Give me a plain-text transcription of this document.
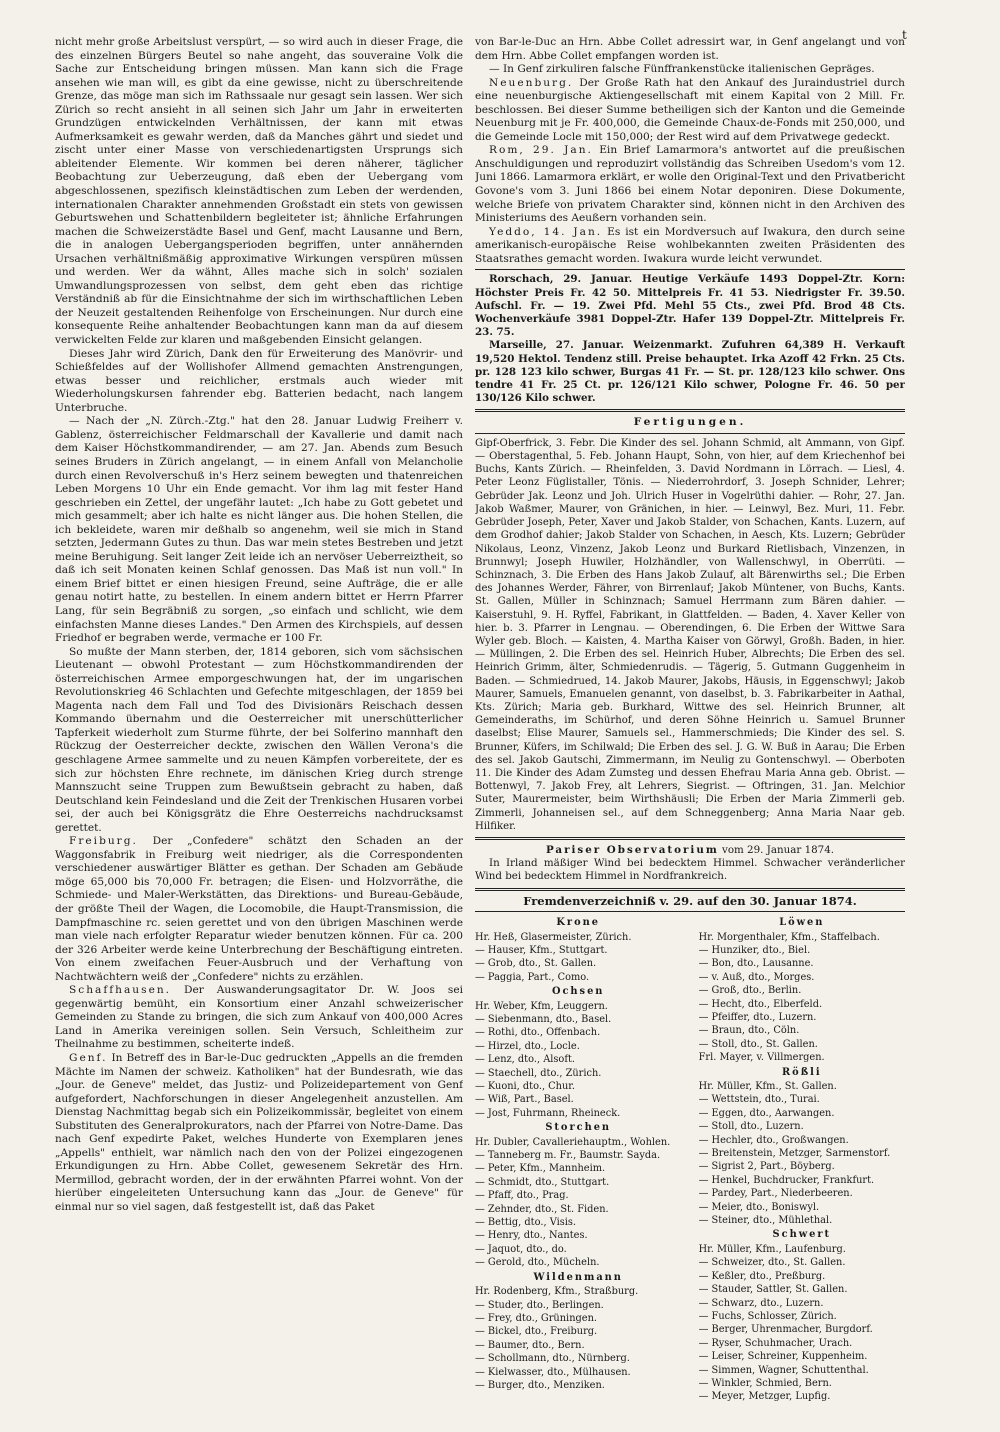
t

nicht mehr große Arbeitslust verspürt, — so wird auch in dieser Frage, die des einzelnen Bürgers Beutel so nahe angeht, das souveraine Volk die Sache zur Entscheidung bringen müssen. Man kann sich die Frage ansehen wie man will, es gibt da eine gewisse, nicht zu überschreitende Grenze, das möge man sich im Rathssaale nur gesagt sein lassen. Wer sich Zürich so recht ansieht in all seinen sich Jahr um Jahr in erweiterten Grundzügen entwickelnden Verhältnissen, der kann mit etwas Aufmerksamkeit es gewahr werden, daß da Manches gährt und siedet und zischt unter einer Masse von verschiedenartigsten Ursprungs sich ableitender Elemente. Wir kommen bei deren näherer, täglicher Beobachtung zur Ueberzeugung, daß eben der Uebergang vom abgeschlossenen, spezifisch kleinstädtischen zum Leben der werdenden, internationalen Charakter annehmenden Großstadt ein stets von gewissen Geburtswehen und Schattenbildern begleiteter ist; ähnliche Erfahrungen machen die Schweizerstädte Basel und Genf, macht Lausanne und Bern, die in analogen Uebergangsperioden begriffen, unter annähernden Ursachen verhältnißmäßig approximative Wirkungen verspüren müssen und werden. Wer da wähnt, Alles mache sich in solch' sozialen Umwandlungsprozessen von selbst, dem geht eben das richtige Verständniß ab für die Einsichtnahme der sich im wirthschaftlichen Leben der Neuzeit gestaltenden Reihenfolge von Erscheinungen. Nur durch eine konsequente Reihe anhaltender Beobachtungen kann man da auf diesem verwickelten Felde zur klaren und maßgebenden Einsicht gelangen.

Dieses Jahr wird Zürich, Dank den für Erweiterung des Manövrir- und Schießfeldes auf der Wollishofer Allmend gemachten Anstrengungen, etwas besser und reichlicher, erstmals auch wieder mit Wiederholungskursen fahrender ebg. Batterien bedacht, nach langem Unterbruche.

— Nach der „N. Zürch.-Ztg." hat den 28. Januar Ludwig Freiherr v. Gablenz, österreichischer Feldmarschall der Kavallerie und damit nach dem Kaiser Höchstkommandirender, — am 27. Jan. Abends zum Besuch seines Bruders in Zürich angelangt, — in einem Anfall von Melancholie durch einen Revolverschuß in's Herz seinem bewegten und thatenreichen Leben Morgens 10 Uhr ein Ende gemacht. Vor ihm lag mit fester Hand geschrieben ein Zettel, der ungefähr lautet: „Ich habe zu Gott gebetet und mich gesammelt; aber ich halte es nicht länger aus. Die hohen Stellen, die ich bekleidete, waren mir deßhalb so angenehm, weil sie mich in Stand setzten, Jedermann Gutes zu thun. Das war mein stetes Bestreben und jetzt meine Beruhigung. Seit langer Zeit leide ich an nervöser Ueberreiztheit, so daß ich seit Monaten keinen Schlaf genossen. Das Maß ist nun voll." In einem Brief bittet er einen hiesigen Freund, seine Aufträge, die er alle genau notirt hatte, zu bestellen. In einem andern bittet er Herrn Pfarrer Lang, für sein Begräbniß zu sorgen, „so einfach und schlicht, wie dem einfachsten Manne dieses Landes." Den Armen des Kirchspiels, auf dessen Friedhof er begraben werde, vermache er 100 Fr.

So mußte der Mann sterben, der, 1814 geboren, sich vom sächsischen Lieutenant — obwohl Protestant — zum Höchstkommandirenden der österreichischen Armee emporgeschwungen hat, der im ungarischen Revolutionskrieg 46 Schlachten und Gefechte mitgeschlagen, der 1859 bei Magenta nach dem Fall und Tod des Divisionärs Reischach dessen Kommando übernahm und die Oesterreicher mit unerschütterlicher Tapferkeit wiederholt zum Sturme führte, der bei Solferino mannhaft den Rückzug der Oesterreicher deckte, zwischen den Wällen Verona's die geschlagene Armee sammelte und zu neuen Kämpfen vorbereitete, der es sich zur höchsten Ehre rechnete, im dänischen Krieg durch strenge Mannszucht seine Truppen zum Bewußtsein gebracht zu haben, daß Deutschland kein Feindesland und die Zeit der Trenkischen Husaren vorbei sei, der auch bei Königsgrätz die Ehre Oesterreichs nachdrucksamst gerettet.

Freiburg. Der „Confedere" schätzt den Schaden an der Waggonsfabrik in Freiburg weit niedriger, als die Correspondenten verschiedener auswärtiger Blätter es gethan. Der Schaden am Gebäude möge 65,000 bis 70,000 Fr. betragen; die Eisen- und Holzvorräthe, die Schmiede- und Maler-Werkstätten, das Direktions- und Bureau-Gebäude, der größte Theil der Wagen, die Locomobile, die Haupt-Transmission, die Dampfmaschine rc. seien gerettet und von den übrigen Maschinen werde man viele nach erfolgter Reparatur wieder benutzen können. Für ca. 200 der 326 Arbeiter werde keine Unterbrechung der Beschäftigung eintreten. Von einem zweifachen Feuer-Ausbruch und der Verhaftung von Nachtwächtern weiß der „Confedere" nichts zu erzählen.

Schaffhausen. Der Auswanderungsagitator Dr. W. Joos sei gegenwärtig bemüht, ein Konsortium einer Anzahl schweizerischer Gemeinden zu Stande zu bringen, die sich zum Ankauf von 400,000 Acres Land in Amerika vereinigen sollen. Sein Versuch, Schleitheim zur Theilnahme zu bestimmen, scheiterte indeß.

Genf. In Betreff des in Bar-le-Duc gedruckten „Appells an die fremden Mächte im Namen der schweiz. Katholiken" hat der Bundesrath, wie das „Jour. de Geneve" meldet, das Justiz- und Polizeidepartement von Genf aufgefordert, Nachforschungen in dieser Angelegenheit anzustellen. Am Dienstag Nachmittag begab sich ein Polizeikommissär, begleitet von einem Substituten des Generalprokurators, nach der Pfarrei von Notre-Dame. Das nach Genf expedirte Paket, welches Hunderte von Exemplaren jenes „Appells" enthielt, war nämlich nach den von der Polizei eingezogenen Erkundigungen zu Hrn. Abbe Collet, gewesenem Sekretär des Hrn. Mermillod, gebracht worden, der in der erwähnten Pfarrei wohnt. Von der hierüber eingeleiteten Untersuchung kann das „Jour. de Geneve" für einmal nur so viel sagen, daß festgestellt ist, daß das Paket

von Bar-le-Duc an Hrn. Abbe Collet adressirt war, in Genf angelangt und von dem Hrn. Abbe Collet empfangen worden ist.

— In Genf zirkuliren falsche Fünffrankenstücke italienischen Gepräges.

Neuenburg. Der Große Rath hat den Ankauf des Juraindustriel durch eine neuenburgische Aktiengesellschaft mit einem Kapital von 2 Mill. Fr. beschlossen. Bei dieser Summe betheiligen sich der Kanton und die Gemeinde Neuenburg mit je Fr. 400,000, die Gemeinde Chaux-de-Fonds mit 250,000, und die Gemeinde Locle mit 150,000; der Rest wird auf dem Privatwege gedeckt.

Rom, 29. Jan. Ein Brief Lamarmora's antwortet auf die preußischen Anschuldigungen und reproduzirt vollständig das Schreiben Usedom's vom 12. Juni 1866. Lamarmora erklärt, er wolle den Original-Text und den Privatbericht Govone's vom 3. Juni 1866 bei einem Notar deponiren. Diese Dokumente, welche Briefe von privatem Charakter sind, können nicht in den Archiven des Ministeriums des Aeußern vorhanden sein.

Yeddo, 14. Jan. Es ist ein Mordversuch auf Iwakura, den durch seine amerikanisch-europäische Reise wohlbekannten zweiten Präsidenten des Staatsrathes gemacht worden. Iwakura wurde leicht verwundet.

Rorschach, 29. Januar. Heutige Verkäufe 1493 Doppel-Ztr. Korn: Höchster Preis Fr. 42 50. Mittelpreis Fr. 41 53. Niedrigster Fr. 39.50. Aufschl. Fr. — 19. Zwei Pfd. Mehl 55 Cts., zwei Pfd. Brod 48 Cts. Wochenverkäufe 3981 Doppel-Ztr. Hafer 139 Doppel-Ztr. Mittelpreis Fr. 23. 75.

Marseille, 27. Januar. Weizenmarkt. Zufuhren 64,389 H. Verkauft 19,520 Hektol. Tendenz still. Preise behauptet. Irka Azoff 42 Frkn. 25 Cts. pr. 128 123 kilo schwer, Burgas 41 Fr. — St. pr. 128/123 kilo schwer. Ons tendre 41 Fr. 25 Ct. pr. 126/121 Kilo schwer, Pologne Fr. 46. 50 per 130/126 Kilo schwer.

Fertigungen.

Gipf-Oberfrick, 3. Febr. Die Kinder des sel. Johann Schmid, alt Ammann, von Gipf. — Oberstagenthal, 5. Feb. Johann Haupt, Sohn, von hier, auf dem Kriechenhof bei Buchs, Kants Zürich. — Rheinfelden, 3. David Nordmann in Lörrach. — Liesl, 4. Peter Leonz Füglistaller, Tönis. — Niederrohrdorf, 3. Joseph Schnider, Lehrer; Gebrüder Jak. Leonz und Joh. Ulrich Huser in Vogelrüthi dahier. — Rohr, 27. Jan. Jakob Waßmer, Maurer, von Gränichen, in hier. — Leinwyl, Bez. Muri, 11. Febr. Gebrüder Joseph, Peter, Xaver und Jakob Stalder, von Schachen, Kants. Luzern, auf dem Grodhof dahier; Jakob Stalder von Schachen, in Aesch, Kts. Luzern; Gebrüder Nikolaus, Leonz, Vinzenz, Jakob Leonz und Burkard Rietlisbach, Vinzenzen, in Brunnwyl; Joseph Huwiler, Holzhändler, von Wallenschwyl, in Oberrüti. — Schinznach, 3. Die Erben des Hans Jakob Zulauf, alt Bärenwirths sel.; Die Erben des Johannes Werder, Fährer, von Birrenlauf; Jakob Müntener, von Buchs, Kants. St. Gallen, Müller in Schinznach; Samuel Herrmann zum Bären dahier. — Kaiserstuhl, 9. H. Ryffel, Fabrikant, in Glattfelden. — Baden, 4. Xaver Keller von hier. b. 3. Pfarrer in Lengnau. — Oberendingen, 6. Die Erben der Wittwe Sara Wyler geb. Bloch. — Kaisten, 4. Martha Kaiser von Görwyl, Großh. Baden, in hier. — Müllingen, 2. Die Erben des sel. Heinrich Huber, Albrechts; Die Erben des sel. Heinrich Grimm, älter, Schmiedenrudis. — Tägerig, 5. Gutmann Guggenheim in Baden. — Schmiedrued, 14. Jakob Maurer, Jakobs, Häusis, in Eggenschwyl; Jakob Maurer, Samuels, Emanuelen genannt, von daselbst, b. 3. Fabrikarbeiter in Aathal, Kts. Zürich; Maria geb. Burkhard, Wittwe des sel. Heinrich Brunner, alt Gemeinderaths, im Schürhof, und deren Söhne Heinrich u. Samuel Brunner daselbst; Elise Maurer, Samuels sel., Hammerschmieds; Die Kinder des sel. S. Brunner, Küfers, im Schilwald; Die Erben des sel. J. G. W. Buß in Aarau; Die Erben des sel. Jakob Gautschi, Zimmermann, im Neulig zu Gontenschwyl. — Oberboten 11. Die Kinder des Adam Zumsteg und dessen Ehefrau Maria Anna geb. Obrist. — Bottenwyl, 7. Jakob Frey, alt Lehrers, Siegrist. — Oftringen, 31. Jan. Melchior Suter, Maurermeister, beim Wirthshäusli; Die Erben der Maria Zimmerli geb. Zimmerli, Johanneisen sel., auf dem Schneggenberg; Anna Maria Naar geb. Hilfiker.

Pariser Observatorium vom 29. Januar 1874.

In Irland mäßiger Wind bei bedecktem Himmel. Schwacher veränderlicher Wind bei bedecktem Himmel in Nordfrankreich.

Fremdenverzeichniß v. 29. auf den 30. Januar 1874.
Krone
Hr. Heß, Glasermeister, Zürich.
— Hauser, Kfm., Stuttgart.
— Grob, dto., St. Gallen.
— Paggia, Part., Como.
Ochsen
Hr. Weber, Kfm, Leuggern.
— Siebenmann, dto., Basel.
— Rothi, dto., Offenbach.
— Hirzel, dto., Locle.
— Lenz, dto., Alsoft.
— Staechell, dto., Zürich.
— Kuoni, dto., Chur.
— Wiß, Part., Basel.
— Jost, Fuhrmann, Rheineck.
Storchen
Hr. Dubler, Cavalleriehauptm., Wohlen.
— Tanneberg m. Fr., Baumstr. Sayda.
— Peter, Kfm., Mannheim.
— Schmidt, dto., Stuttgart.
— Pfaff, dto., Prag.
— Zehnder, dto., St. Fiden.
— Bettig, dto., Visis.
— Henry, dto., Nantes.
— Jaquot, dto., do.
— Gerold, dto., Mücheln.
Wildenmann
Hr. Rodenberg, Kfm., Straßburg.
— Studer, dto., Berlingen.
— Frey, dto., Grüningen.
— Bickel, dto., Freiburg.
— Baumer, dto., Bern.
— Schollmann, dto., Nürnberg.
— Kielwasser, dto., Mülhausen.
— Burger, dto., Menziken.
Löwen
Hr. Morgenthaler, Kfm., Staffelbach.
— Hunziker, dto., Biel.
— Bon, dto., Lausanne.
— v. Auß, dto., Morges.
— Groß, dto., Berlin.
— Hecht, dto., Elberfeld.
— Pfeiffer, dto., Luzern.
— Braun, dto., Cöln.
— Stoll, dto., St. Gallen.
Frl. Mayer, v. Villmergen.
Rößli
Hr. Müller, Kfm., St. Gallen.
— Wettstein, dto., Turai.
— Eggen, dto., Aarwangen.
— Stoll, dto., Luzern.
— Hechler, dto., Großwangen.
— Breitenstein, Metzger, Sarmenstorf.
— Sigrist 2, Part., Böyberg.
— Henkel, Buchdrucker, Frankfurt.
— Pardey, Part., Niederbeeren.
— Meier, dto., Boniswyl.
— Steiner, dto., Mühlethal.
Schwert
Hr. Müller, Kfm., Laufenburg.
— Schweizer, dto., St. Gallen.
— Keßler, dto., Preßburg.
— Stauder, Sattler, St. Gallen.
— Schwarz, dto., Luzern.
— Fuchs, Schlosser, Zürich.
— Berger, Uhrenmacher, Burgdorf.
— Ryser, Schuhmacher, Urach.
— Leiser, Schreiner, Kuppenheim.
— Simmen, Wagner, Schuttenthal.
— Winkler, Schmied, Bern.
— Meyer, Metzger, Lupfig.
